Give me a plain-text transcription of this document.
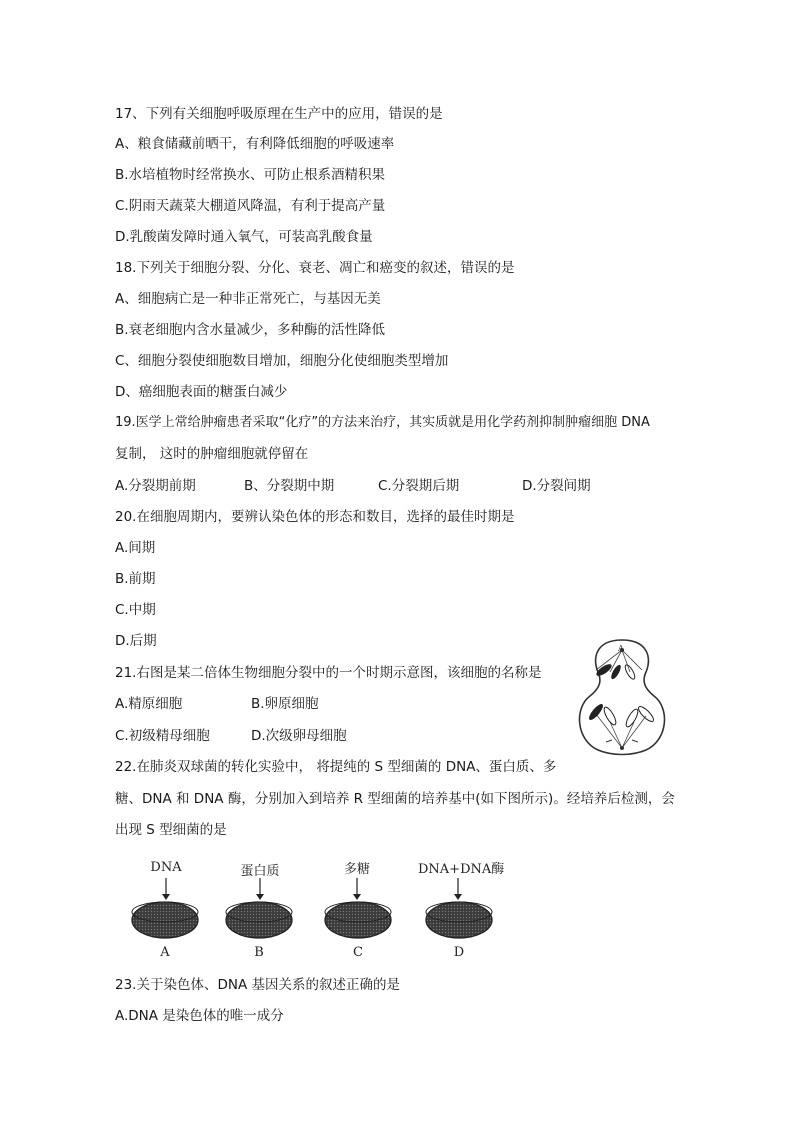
17、下列有关细胞呼吸原理在生产中的应用，错误的是
A、粮食储藏前晒干，有利降低细胞的呼吸速率
B.水培植物时经常换水、可防止根系酒精积果
C.阴雨天蔬菜大棚道风降温，有利于提高产量
D.乳酸菌发障时通入氧气，可装高乳酸食量
18.下列关于细胞分裂、分化、衰老、凋亡和癌变的叙述，错误的是
A、细胞病亡是一种非正常死亡，与基因无美
B.衰老细胞内含水量减少，多种酶的活性降低
C、细胞分裂使细胞数目增加，细胞分化使细胞类型增加
D、癌细胞表面的糖蛋白减少
19.医学上常给肿瘤患者采取“化疗”的方法来治疗，其实质就是用化学药剂抑制肿瘤细胞 DNA
复制， 这时的肿瘤细胞就停留在
A.分裂期前期	B、分裂期中期	C.分裂期后期	D.分裂间期
20.在细胞周期内，要辨认染色体的形态和数目，选择的最佳时期是
A.间期
B.前期
C.中期
D.后期
21.右图是某二倍体生物细胞分裂中的一个时期示意图，该细胞的名称是
A.精原细胞	B.卵原细胞
C.初级精母细胞	D.次级卵母细胞
A
22.在肺炎双球菌的转化实验中， 将提纯的 S 型细菌的 DNA、蛋白质、多
糖、DNA 和 DNA 酶，分别加入到培养 R 型细菌的培养基中(如下图所示)。经培养后检测，会
出现 S 型细菌的是
DNA	蛋白质	多糖	DNA+DNA酶
A	B	C	D
23.关于染色体、DNA 基因关系的叙述正确的是
A.DNA 是染色体的唯一成分
